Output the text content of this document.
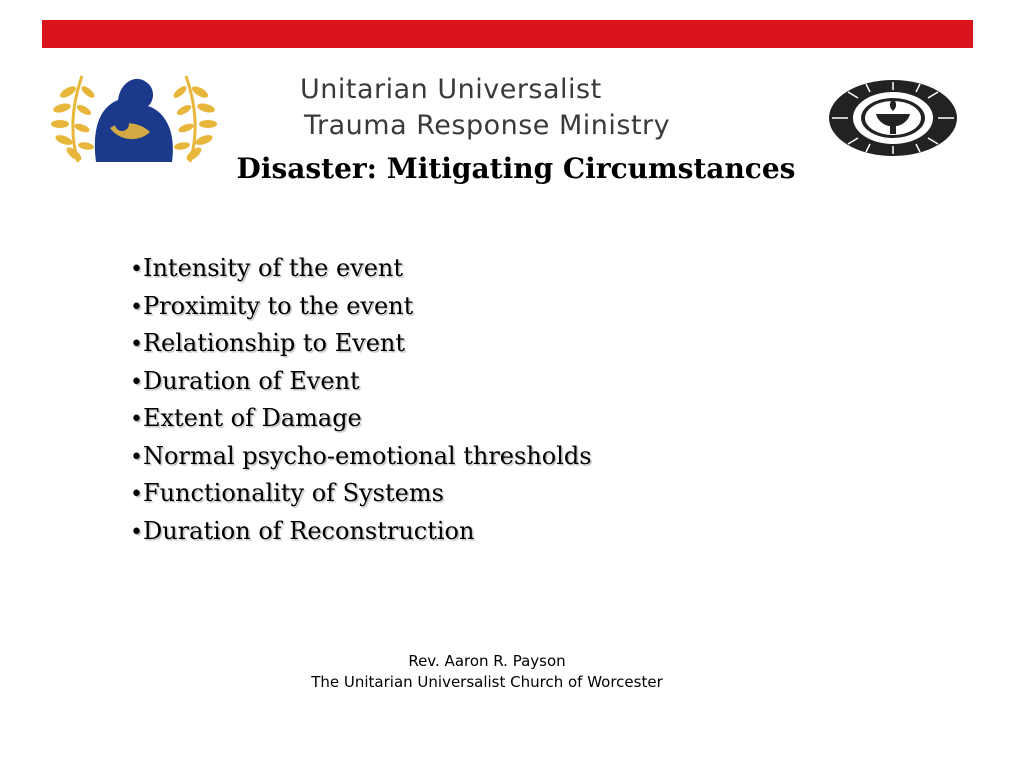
Unitarian Universalist
Trauma Response Ministry
Disaster: Mitigating Circumstances
•Intensity of the event
•Proximity to the event
•Relationship to Event
•Duration of Event
•Extent of Damage
•Normal psycho-emotional thresholds
•Functionality of Systems
•Duration of Reconstruction
Rev. Aaron R. Payson
The Unitarian Universalist Church of Worcester
